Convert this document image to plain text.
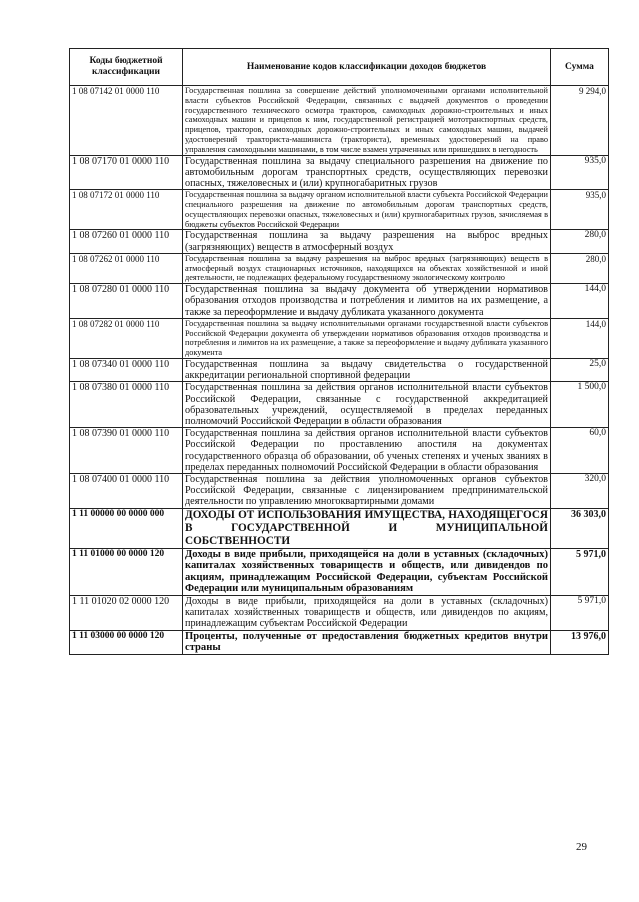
Коды бюджетной классификации	Наименование кодов классификации доходов бюджетов	Сумма
1 08 07142 01 0000 110	Государственная пошлина за совершение действий уполномоченными органами исполнительной власти субъектов Российской Федерации, связанных с выдачей документов о проведении государственного технического осмотра тракторов, самоходных дорожно-строительных и иных самоходных машин и прицепов к ним, государственной регистрацией мототранспортных средств, прицепов, тракторов, самоходных дорожно-строительных и иных самоходных машин, выдачей удостоверений тракториста-машиниста (тракториста), временных удостоверений на право управления самоходными машинами, в том числе взамен утраченных или пришедших в негодность	9 294,0
1 08 07170 01 0000 110	Государственная пошлина за выдачу специального разрешения на движение по автомобильным дорогам транспортных средств, осуществляющих перевозки опасных, тяжеловесных и (или) крупногабаритных грузов	935,0
1 08 07172 01 0000 110	Государственная пошлина за выдачу органом исполнительной власти субъекта Российской Федерации специального разрешения на движение по автомобильным дорогам транспортных средств, осуществляющих перевозки опасных, тяжеловесных и (или) крупногабаритных грузов, зачисляемая в бюджеты субъектов Российской Федерации	935,0
1 08 07260 01 0000 110	Государственная пошлина за выдачу разрешения на выброс вредных (загрязняющих) веществ в атмосферный воздух	280,0
1 08 07262 01 0000 110	Государственная пошлина за выдачу разрешения на выброс вредных (загрязняющих) веществ в атмосферный воздух стационарных источников, находящихся на объектах хозяйственной и иной деятельности, не подлежащих федеральному государственному экологическому контролю	280,0
1 08 07280 01 0000 110	Государственная пошлина за выдачу документа об утверждении нормативов образования отходов производства и потребления и лимитов на их размещение, а также за переоформление и выдачу дубликата указанного документа	144,0
1 08 07282 01 0000 110	Государственная пошлина за выдачу исполнительными органами государственной власти субъектов Российской Федерации документа об утверждении нормативов образования отходов производства и потребления и лимитов на их размещение, а также за переоформление и выдачу дубликата указанного документа	144,0
1 08 07340 01 0000 110	Государственная пошлина за выдачу свидетельства о государственной аккредитации региональной спортивной федерации	25,0
1 08 07380 01 0000 110	Государственная пошлина за действия органов исполнительной власти субъектов Российской Федерации, связанные с государственной аккредитацией образовательных учреждений, осуществляемой в пределах переданных полномочий Российской Федерации в области образования	1 500,0
1 08 07390 01 0000 110	Государственная пошлина за действия органов исполнительной власти субъектов Российской Федерации по проставлению апостиля на документах государственного образца об образовании, об ученых степенях и ученых званиях в пределах переданных полномочий Российской Федерации в области образования	60,0
1 08 07400 01 0000 110	Государственная пошлина за действия уполномоченных органов субъектов Российской Федерации, связанные с лицензированием предпринимательской деятельности по управлению многоквартирными домами	320,0
1 11 00000 00 0000 000	ДОХОДЫ ОТ ИСПОЛЬЗОВАНИЯ ИМУЩЕСТВА, НАХОДЯЩЕГОСЯ В ГОСУДАРСТВЕННОЙ И МУНИЦИПАЛЬНОЙ СОБСТВЕННОСТИ	36 303,0
1 11 01000 00 0000 120	Доходы в виде прибыли, приходящейся на доли в уставных (складочных) капиталах хозяйственных товариществ и обществ, или дивидендов по акциям, принадлежащим Российской Федерации, субъектам Российской Федерации или муниципальным образованиям	5 971,0
1 11 01020 02 0000 120	Доходы в виде прибыли, приходящейся на доли в уставных (складочных) капиталах хозяйственных товариществ и обществ, или дивидендов по акциям, принадлежащим субъектам Российской Федерации	5 971,0
1 11 03000 00 0000 120	Проценты, полученные от предоставления бюджетных кредитов внутри страны	13 976,0
29
